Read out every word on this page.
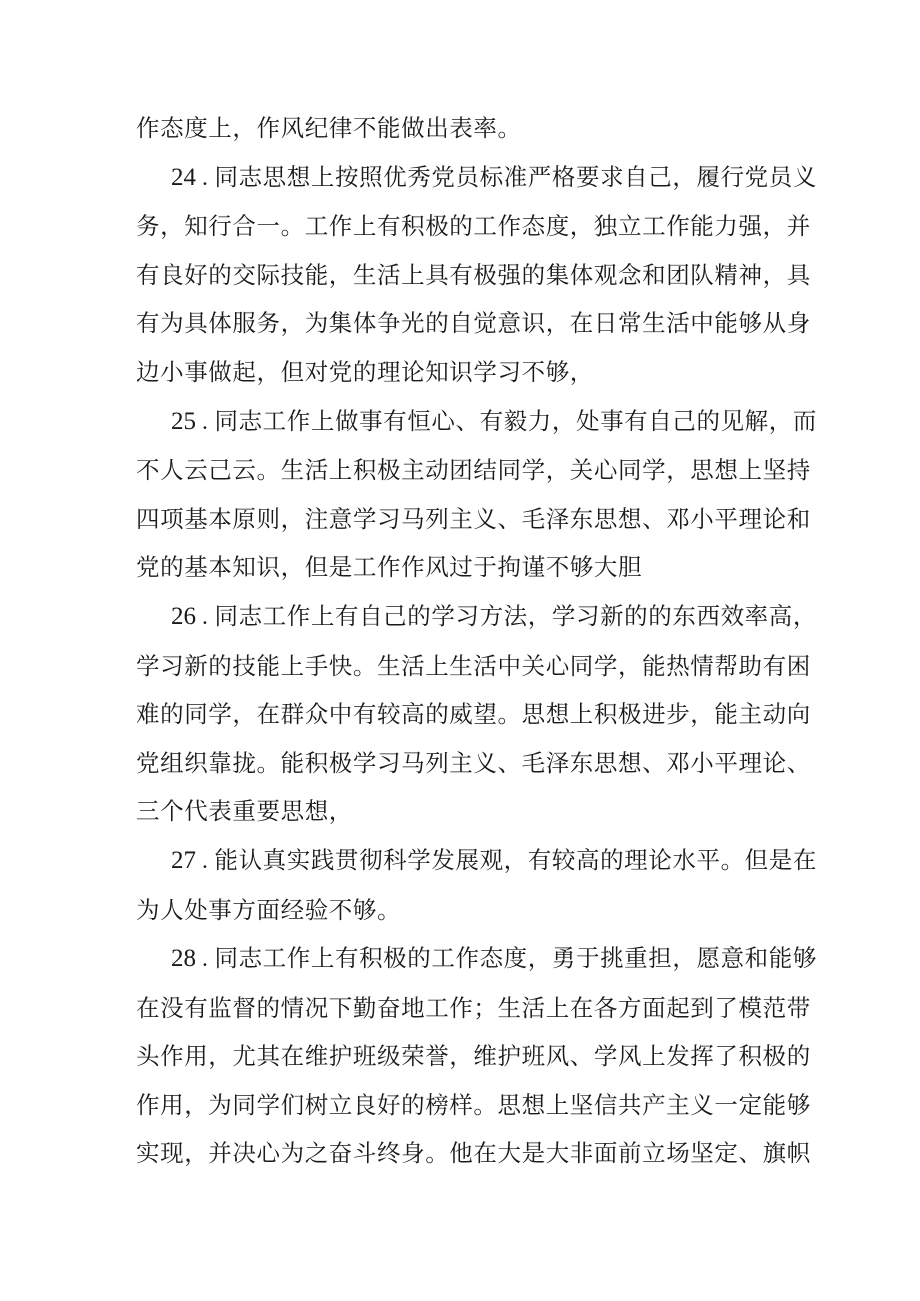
作态度上，作风纪律不能做出表率。
24 . 同志思想上按照优秀党员标准严格要求自己，履行党员义
务，知行合一。工作上有积极的工作态度，独立工作能力强，并
有良好的交际技能，生活上具有极强的集体观念和团队精神，具
有为具体服务，为集体争光的自觉意识，在日常生活中能够从身
边小事做起，但对党的理论知识学习不够，
25 . 同志工作上做事有恒心、有毅力，处事有自己的见解，而
不人云己云。生活上积极主动团结同学，关心同学，思想上坚持
四项基本原则，注意学习马列主义、毛泽东思想、邓小平理论和
党的基本知识，但是工作作风过于拘谨不够大胆
26 . 同志工作上有自己的学习方法，学习新的的东西效率高，
学习新的技能上手快。生活上生活中关心同学，能热情帮助有困
难的同学，在群众中有较高的威望。思想上积极进步，能主动向
党组织靠拢。能积极学习马列主义、毛泽东思想、邓小平理论、
三个代表重要思想，
27 . 能认真实践贯彻科学发展观，有较高的理论水平。但是在
为人处事方面经验不够。
28 . 同志工作上有积极的工作态度，勇于挑重担，愿意和能够
在没有监督的情况下勤奋地工作；生活上在各方面起到了模范带
头作用，尤其在维护班级荣誉，维护班风、学风上发挥了积极的
作用，为同学们树立良好的榜样。思想上坚信共产主义一定能够
实现，并决心为之奋斗终身。他在大是大非面前立场坚定、旗帜
